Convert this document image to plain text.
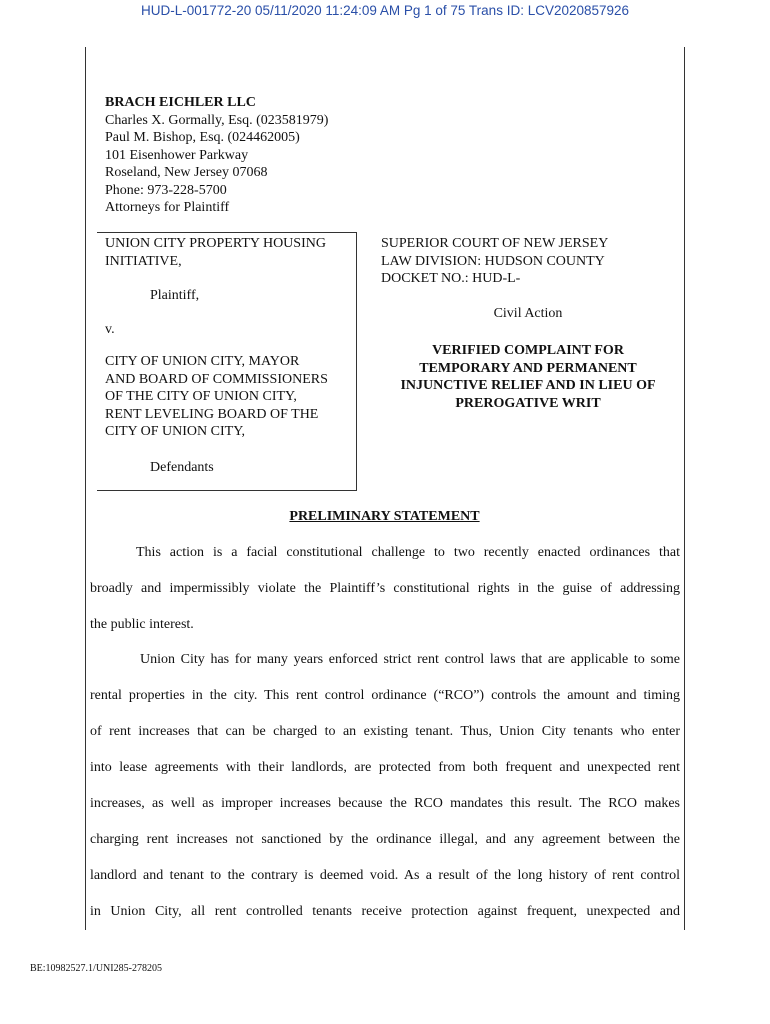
HUD-L-001772-20 05/11/2020 11:24:09 AM Pg 1 of 75 Trans ID: LCV2020857926
BRACH EICHLER LLC
Charles X. Gormally, Esq. (023581979)
Paul M. Bishop, Esq. (024462005)
101 Eisenhower Parkway
Roseland, New Jersey 07068
Phone: 973-228-5700
Attorneys for Plaintiff
UNION CITY PROPERTY HOUSING
INITIATIVE,
Plaintiff,
v.
CITY OF UNION CITY, MAYOR
AND BOARD OF COMMISSIONERS
OF THE CITY OF UNION CITY,
RENT LEVELING BOARD OF THE
CITY OF UNION CITY,
Defendants
SUPERIOR COURT OF NEW JERSEY
LAW DIVISION: HUDSON COUNTY
DOCKET NO.: HUD-L-
Civil Action
VERIFIED COMPLAINT FOR
TEMPORARY AND PERMANENT
INJUNCTIVE RELIEF AND IN LIEU OF
PREROGATIVE WRIT
PRELIMINARY STATEMENT
This action is a facial constitutional challenge to two recently enacted ordinances that
broadly and impermissibly violate the Plaintiff’s constitutional rights in the guise of addressing
the public interest.
Union City has for many years enforced strict rent control laws that are applicable to some
rental properties in the city. This rent control ordinance (“RCO”) controls the amount and timing
of rent increases that can be charged to an existing tenant. Thus, Union City tenants who enter
into lease agreements with their landlords, are protected from both frequent and unexpected rent
increases, as well as improper increases because the RCO mandates this result. The RCO makes
charging rent increases not sanctioned by the ordinance illegal, and any agreement between the
landlord and tenant to the contrary is deemed void. As a result of the long history of rent control
in Union City, all rent controlled tenants receive protection against frequent, unexpected and
BE:10982527.1/UNI285-278205
